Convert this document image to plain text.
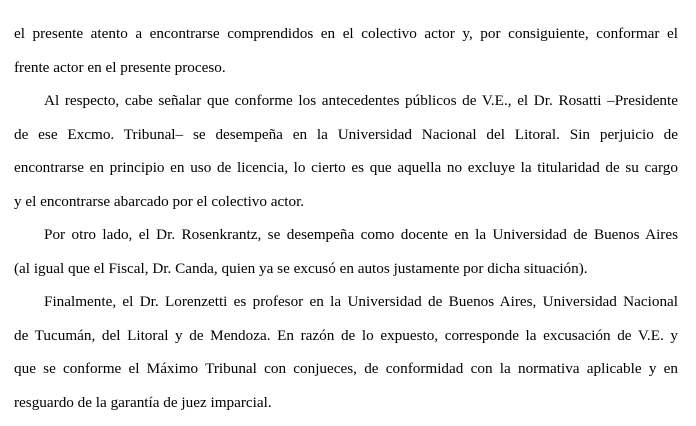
el presente atento a encontrarse comprendidos en el colectivo actor y, por consiguiente, conformar el
frente actor en el presente proceso.
Al respecto, cabe señalar que conforme los antecedentes públicos de V.E., el Dr. Rosatti –Presidente
de ese Excmo. Tribunal– se desempeña en la Universidad Nacional del Litoral. Sin perjuicio de
encontrarse en principio en uso de licencia, lo cierto es que aquella no excluye la titularidad de su cargo
y el encontrarse abarcado por el colectivo actor.
Por otro lado, el Dr. Rosenkrantz, se desempeña como docente en la Universidad de Buenos Aires
(al igual que el Fiscal, Dr. Canda, quien ya se excusó en autos justamente por dicha situación).
Finalmente, el Dr. Lorenzetti es profesor en la Universidad de Buenos Aires, Universidad Nacional
de Tucumán, del Litoral y de Mendoza. En razón de lo expuesto, corresponde la excusación de V.E. y
que se conforme el Máximo Tribunal con conjueces, de conformidad con la normativa aplicable y en
resguardo de la garantía de juez imparcial.
